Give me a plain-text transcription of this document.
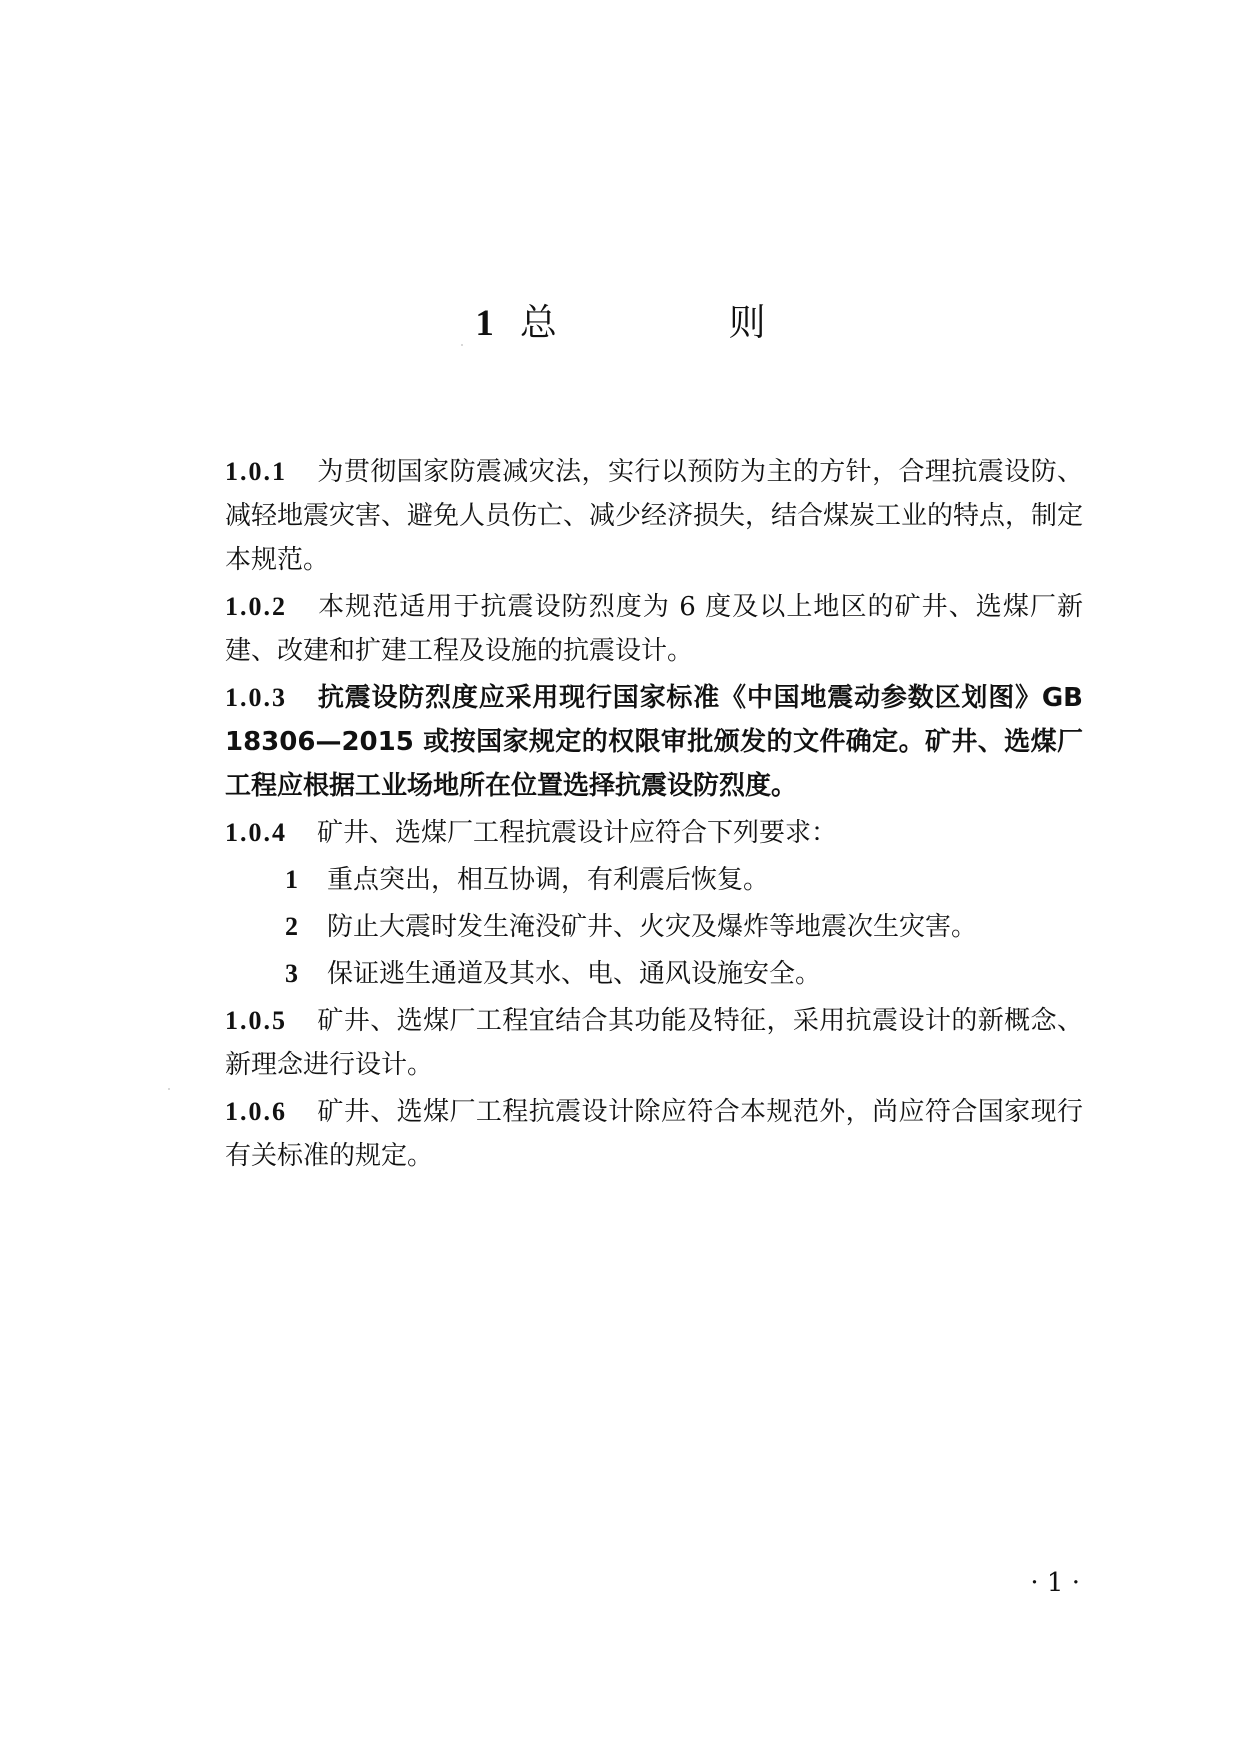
1 总 则

1.0.1 为贯彻国家防震减灾法，实行以预防为主的方针，合理抗震设防、减轻地震灾害、避免人员伤亡、减少经济损失，结合煤炭工业的特点，制定本规范。

1.0.2 本规范适用于抗震设防烈度为 6 度及以上地区的矿井、选煤厂新建、改建和扩建工程及设施的抗震设计。

1.0.3 抗震设防烈度应采用现行国家标准《中国地震动参数区划图》GB 18306—2015 或按国家规定的权限审批颁发的文件确定。矿井、选煤厂工程应根据工业场地所在位置选择抗震设防烈度。

1.0.4 矿井、选煤厂工程抗震设计应符合下列要求：

1 重点突出，相互协调，有利震后恢复。

2 防止大震时发生淹没矿井、火灾及爆炸等地震次生灾害。

3 保证逃生通道及其水、电、通风设施安全。

1.0.5 矿井、选煤厂工程宜结合其功能及特征，采用抗震设计的新概念、新理念进行设计。

1.0.6 矿井、选煤厂工程抗震设计除应符合本规范外，尚应符合国家现行有关标准的规定。

· 1 ·
